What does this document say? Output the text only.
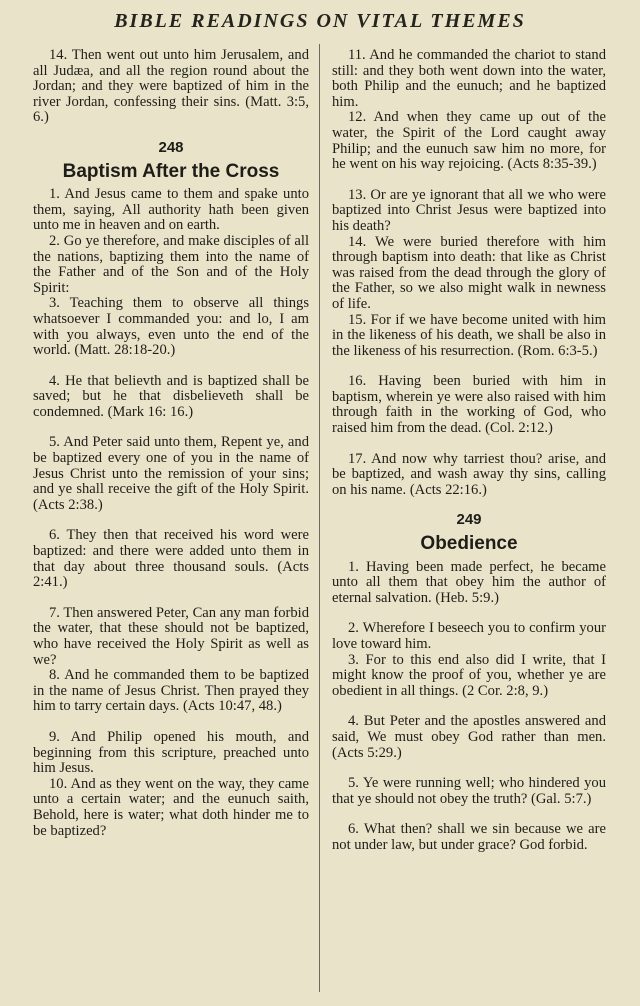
BIBLE READINGS ON VITAL THEMES

14. Then went out unto him Jerusalem, and all Judæa, and all the region round about the Jordan; and they were baptized of him in the river Jordan, confessing their sins. (Matt. 3:5, 6.)

248
Baptism After the Cross

1. And Jesus came to them and spake unto them, saying, All authority hath been given unto me in heaven and on earth.

2. Go ye therefore, and make disciples of all the nations, baptizing them into the name of the Father and of the Son and of the Holy Spirit:

3. Teaching them to observe all things whatsoever I commanded you: and lo, I am with you always, even unto the end of the world. (Matt. 28:18-20.)

4. He that believth and is baptized shall be saved; but he that disbelieveth shall be condemned. (Mark 16: 16.)

5. And Peter said unto them, Repent ye, and be baptized every one of you in the name of Jesus Christ unto the remission of your sins; and ye shall receive the gift of the Holy Spirit. (Acts 2:38.)

6. They then that received his word were baptized: and there were added unto them in that day about three thousand souls. (Acts 2:41.)

7. Then answered Peter, Can any man forbid the water, that these should not be baptized, who have received the Holy Spirit as well as we?

8. And he commanded them to be baptized in the name of Jesus Christ. Then prayed they him to tarry certain days. (Acts 10:47, 48.)

9. And Philip opened his mouth, and beginning from this scripture, preached unto him Jesus.

10. And as they went on the way, they came unto a certain water; and the eunuch saith, Behold, here is water; what doth hinder me to be baptized?

11. And he commanded the chariot to stand still: and they both went down into the water, both Philip and the eunuch; and he baptized him.

12. And when they came up out of the water, the Spirit of the Lord caught away Philip; and the eunuch saw him no more, for he went on his way rejoicing. (Acts 8:35-39.)

13. Or are ye ignorant that all we who were baptized into Christ Jesus were baptized into his death?

14. We were buried therefore with him through baptism into death: that like as Christ was raised from the dead through the glory of the Father, so we also might walk in newness of life.

15. For if we have become united with him in the likeness of his death, we shall be also in the likeness of his resurrection. (Rom. 6:3-5.)

16. Having been buried with him in baptism, wherein ye were also raised with him through faith in the working of God, who raised him from the dead. (Col. 2:12.)

17. And now why tarriest thou? arise, and be baptized, and wash away thy sins, calling on his name. (Acts 22:16.)

249
Obedience

1. Having been made perfect, he became unto all them that obey him the author of eternal salvation. (Heb. 5:9.)

2. Wherefore I beseech you to confirm your love toward him.

3. For to this end also did I write, that I might know the proof of you, whether ye are obedient in all things. (2 Cor. 2:8, 9.)

4. But Peter and the apostles answered and said, We must obey God rather than men. (Acts 5:29.)

5. Ye were running well; who hindered you that ye should not obey the truth? (Gal. 5:7.)

6. What then? shall we sin because we are not under law, but under grace? God forbid.
